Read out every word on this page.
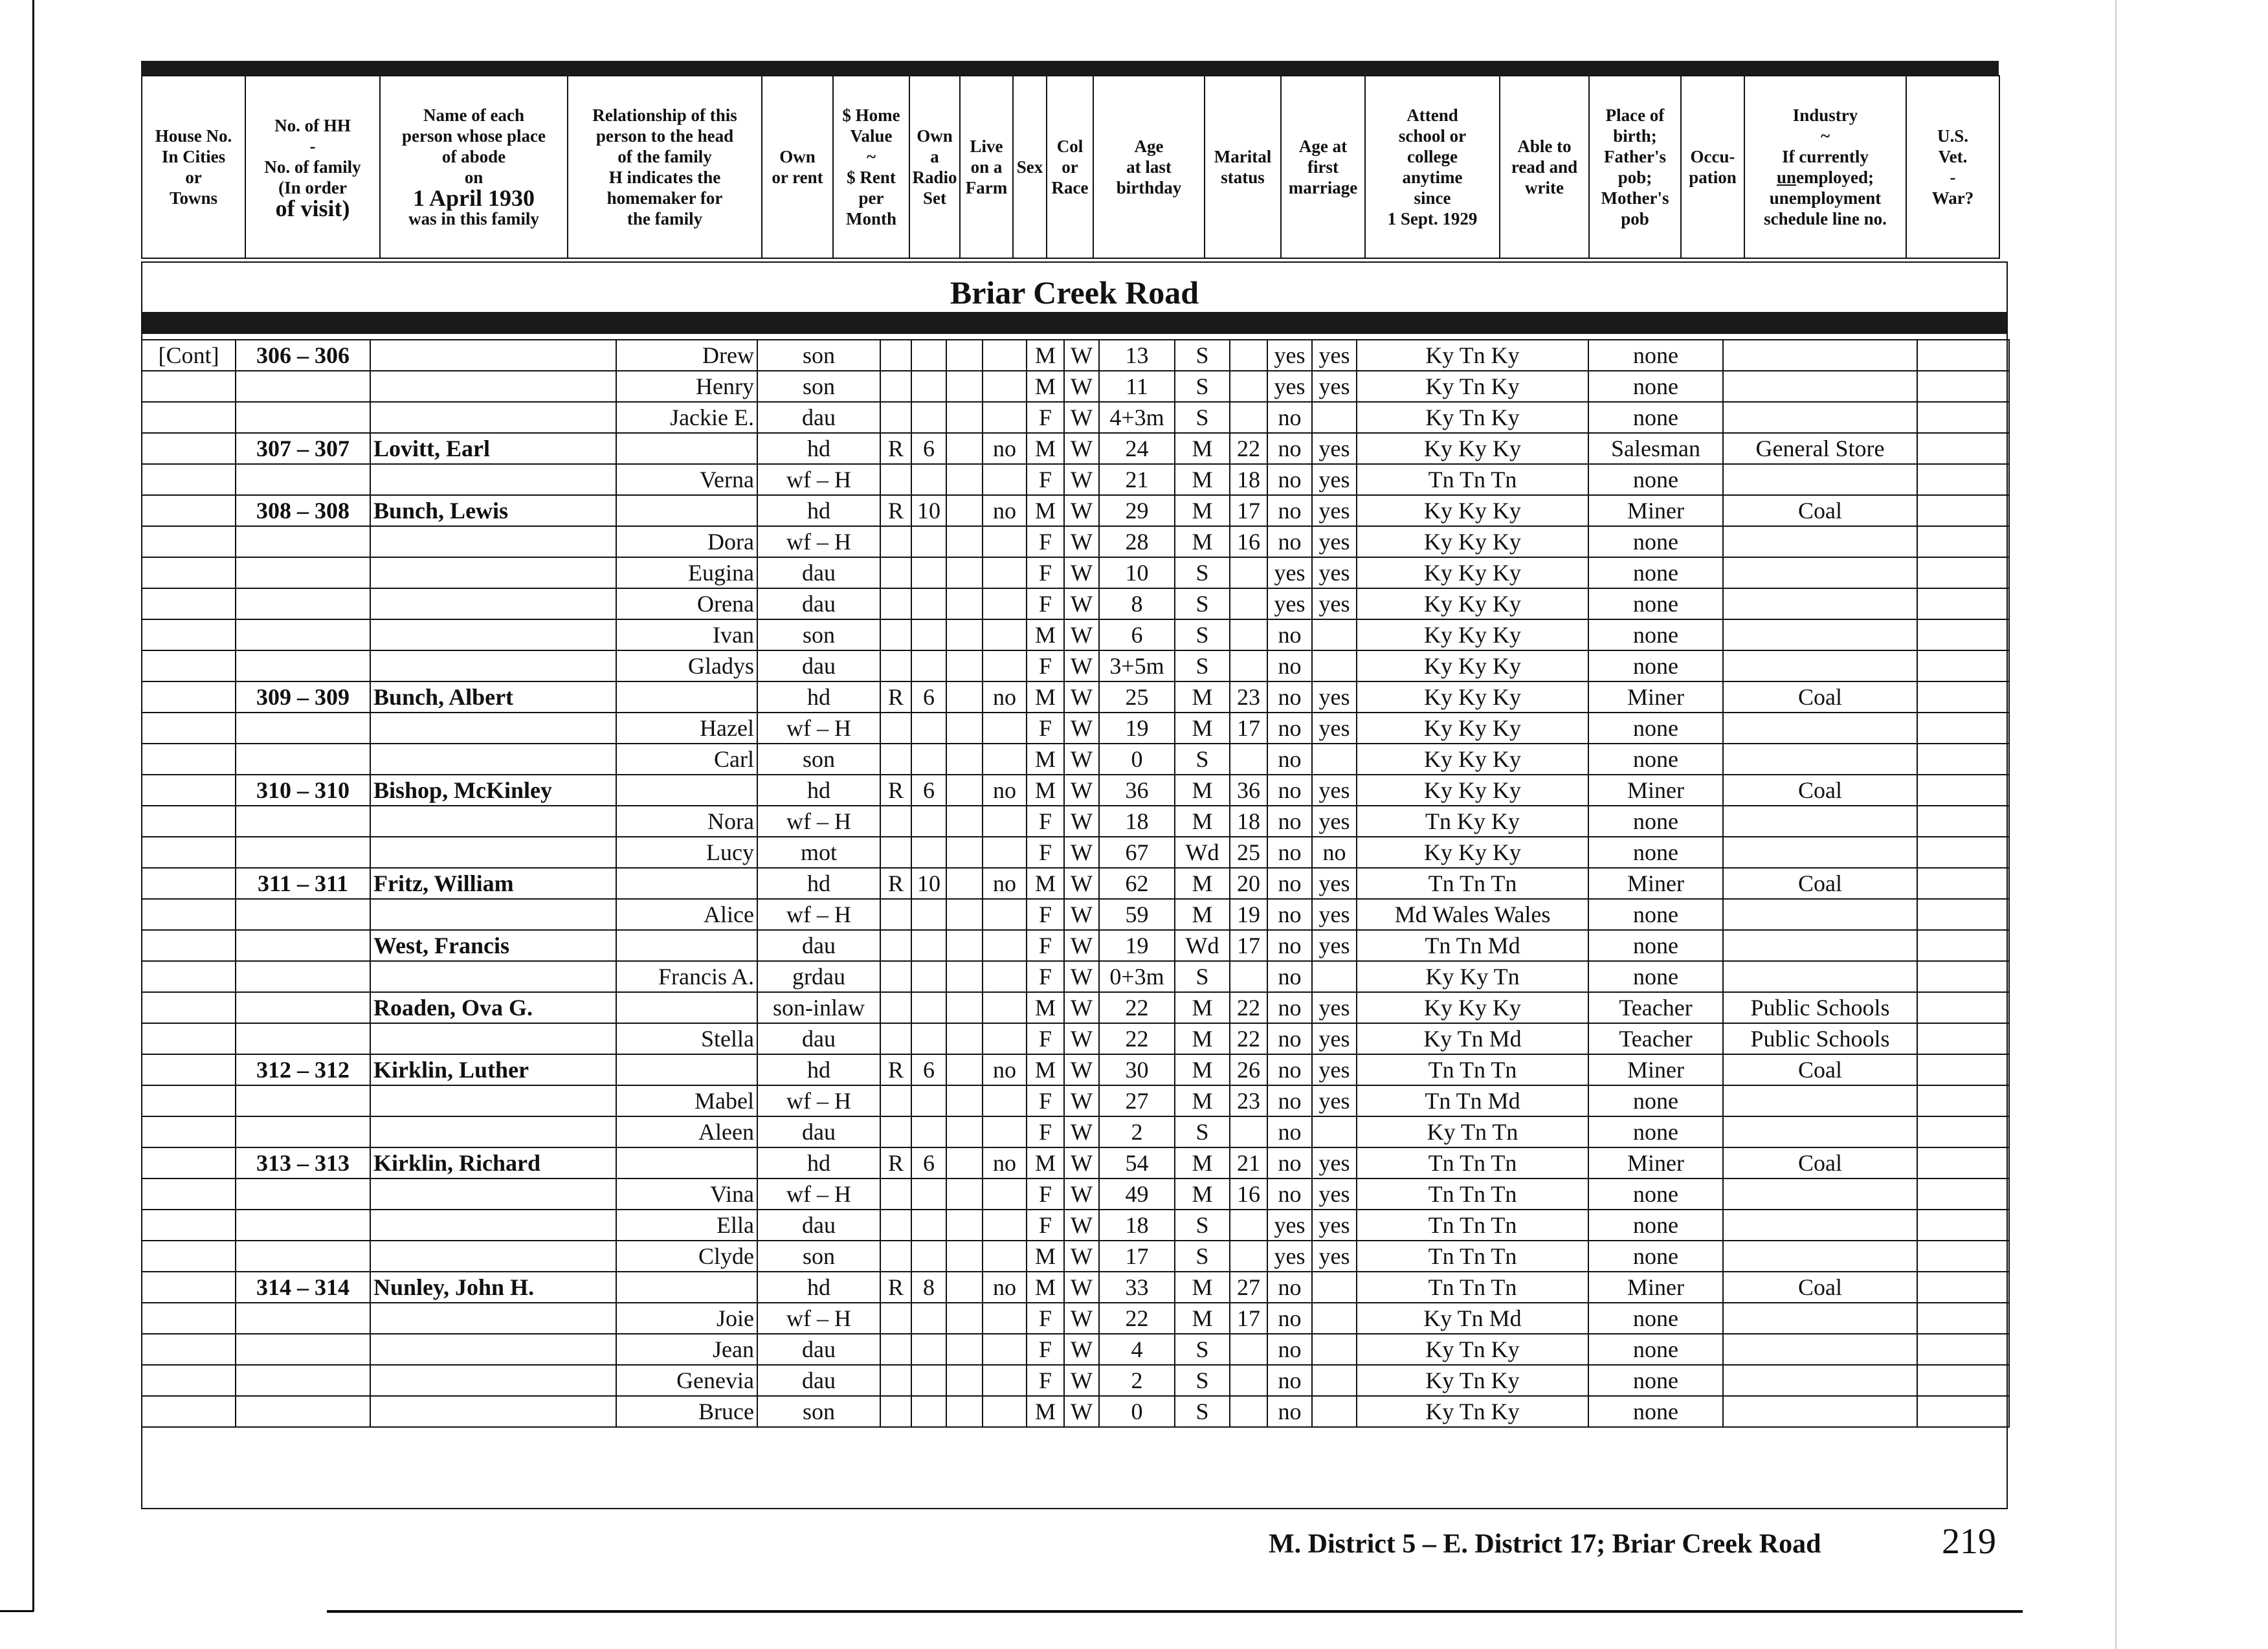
House No.
In Cities
or
Towns

No. of HH
-
No. of family
(In order
of visit)

Name of each
person whose place
of abode
on
1 April 1930
was in this family

Relationship of this
person to the head
of the family
H indicates the
homemaker for
the family

Own
or rent

$ Home
Value
~
$ Rent
per
Month

Own
a
Radio
Set

Live
on a
Farm

Sex

Col
or
Race

Age
at last
birthday

Marital
status

Age at
first
marriage

Attend
school or
college
anytime
since
1 Sept. 1929

Able to
read and
write

Place of
birth;
Father's
pob;
Mother's
pob

Occu-
pation

Industry
~
If currently
unemployed;
unemployment
schedule line no.

U.S.
Vet.
-
War?
Briar Creek Road
[Cont]	306 – 306		Drew	son					M	W	13	S		yes	yes	Ky Tn Ky	none		
			Henry	son					M	W	11	S		yes	yes	Ky Tn Ky	none		
			Jackie E.	dau					F	W	4+3m	S		no		Ky Tn Ky	none		
	307 – 307	Lovitt, Earl		hd	R	6		no	M	W	24	M	22	no	yes	Ky Ky Ky	Salesman	General Store	
			Verna	wf – H					F	W	21	M	18	no	yes	Tn Tn Tn	none		
	308 – 308	Bunch, Lewis		hd	R	10		no	M	W	29	M	17	no	yes	Ky Ky Ky	Miner	Coal	
			Dora	wf – H					F	W	28	M	16	no	yes	Ky Ky Ky	none		
			Eugina	dau					F	W	10	S		yes	yes	Ky Ky Ky	none		
			Orena	dau					F	W	8	S		yes	yes	Ky Ky Ky	none		
			Ivan	son					M	W	6	S		no		Ky Ky Ky	none		
			Gladys	dau					F	W	3+5m	S		no		Ky Ky Ky	none		
	309 – 309	Bunch, Albert		hd	R	6		no	M	W	25	M	23	no	yes	Ky Ky Ky	Miner	Coal	
			Hazel	wf – H					F	W	19	M	17	no	yes	Ky Ky Ky	none		
			Carl	son					M	W	0	S		no		Ky Ky Ky	none		
	310 – 310	Bishop, McKinley		hd	R	6		no	M	W	36	M	36	no	yes	Ky Ky Ky	Miner	Coal	
			Nora	wf – H					F	W	18	M	18	no	yes	Tn Ky Ky	none		
			Lucy	mot					F	W	67	Wd	25	no	no	Ky Ky Ky	none		
	311 – 311	Fritz, William		hd	R	10		no	M	W	62	M	20	no	yes	Tn Tn Tn	Miner	Coal	
			Alice	wf – H					F	W	59	M	19	no	yes	Md Wales Wales	none		
		West, Francis		dau					F	W	19	Wd	17	no	yes	Tn Tn Md	none		
			Francis A.	grdau					F	W	0+3m	S		no		Ky Ky Tn	none		
		Roaden, Ova G.		son-inlaw					M	W	22	M	22	no	yes	Ky Ky Ky	Teacher	Public Schools	
			Stella	dau					F	W	22	M	22	no	yes	Ky Tn Md	Teacher	Public Schools	
	312 – 312	Kirklin, Luther		hd	R	6		no	M	W	30	M	26	no	yes	Tn Tn Tn	Miner	Coal	
			Mabel	wf – H					F	W	27	M	23	no	yes	Tn Tn Md	none		
			Aleen	dau					F	W	2	S		no		Ky Tn Tn	none		
	313 – 313	Kirklin, Richard		hd	R	6		no	M	W	54	M	21	no	yes	Tn Tn Tn	Miner	Coal	
			Vina	wf – H					F	W	49	M	16	no	yes	Tn Tn Tn	none		
			Ella	dau					F	W	18	S		yes	yes	Tn Tn Tn	none		
			Clyde	son					M	W	17	S		yes	yes	Tn Tn Tn	none		
	314 – 314	Nunley, John H.		hd	R	8		no	M	W	33	M	27	no		Tn Tn Tn	Miner	Coal	
			Joie	wf – H					F	W	22	M	17	no		Ky Tn Md	none		
			Jean	dau					F	W	4	S		no		Ky Tn Ky	none		
			Genevia	dau					F	W	2	S		no		Ky Tn Ky	none		
			Bruce	son					M	W	0	S		no		Ky Tn Ky	none		
M. District 5 – E. District 17; Briar Creek Road	219
